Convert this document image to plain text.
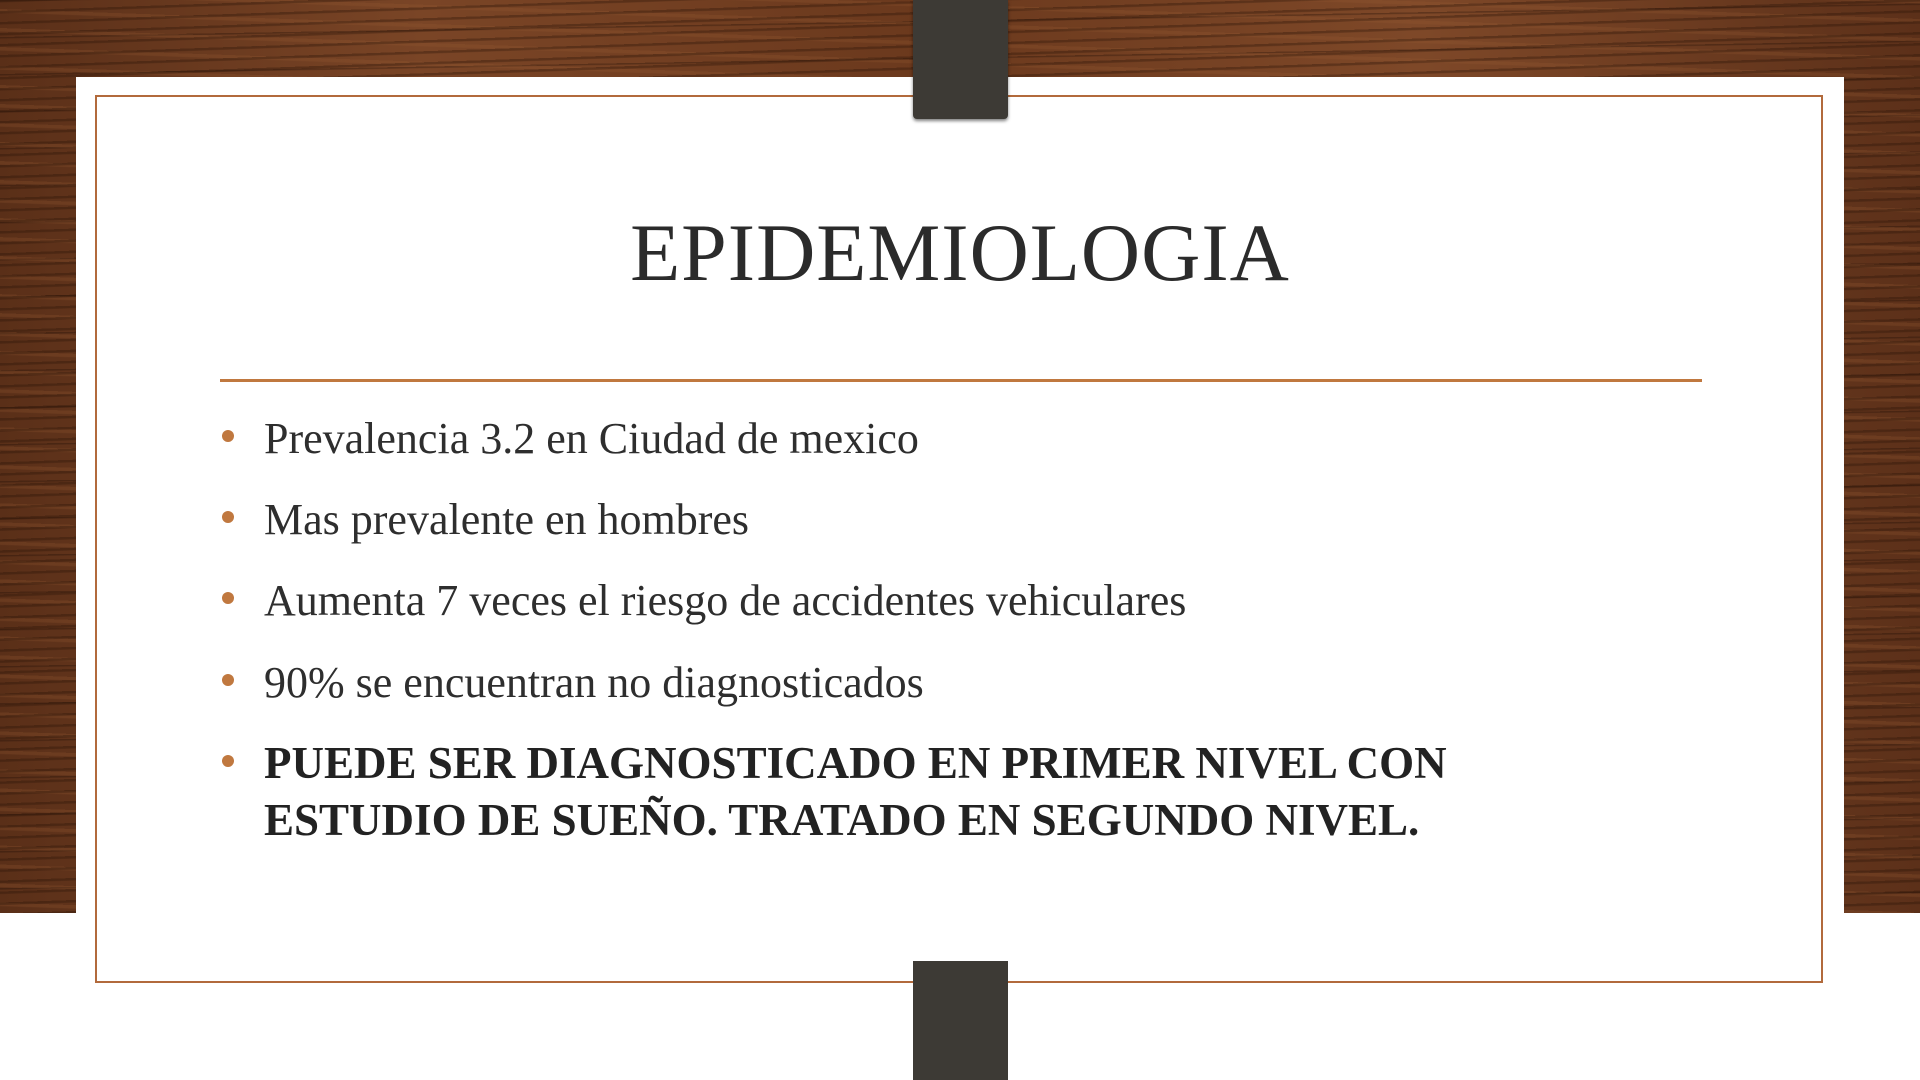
EPIDEMIOLOGIA
Prevalencia 3.2 en Ciudad de mexico
Mas prevalente en hombres
Aumenta 7 veces el riesgo de accidentes vehiculares
90% se encuentran no diagnosticados
PUEDE SER DIAGNOSTICADO EN PRIMER NIVEL CON ESTUDIO DE SUEÑO. TRATADO EN SEGUNDO NIVEL.
